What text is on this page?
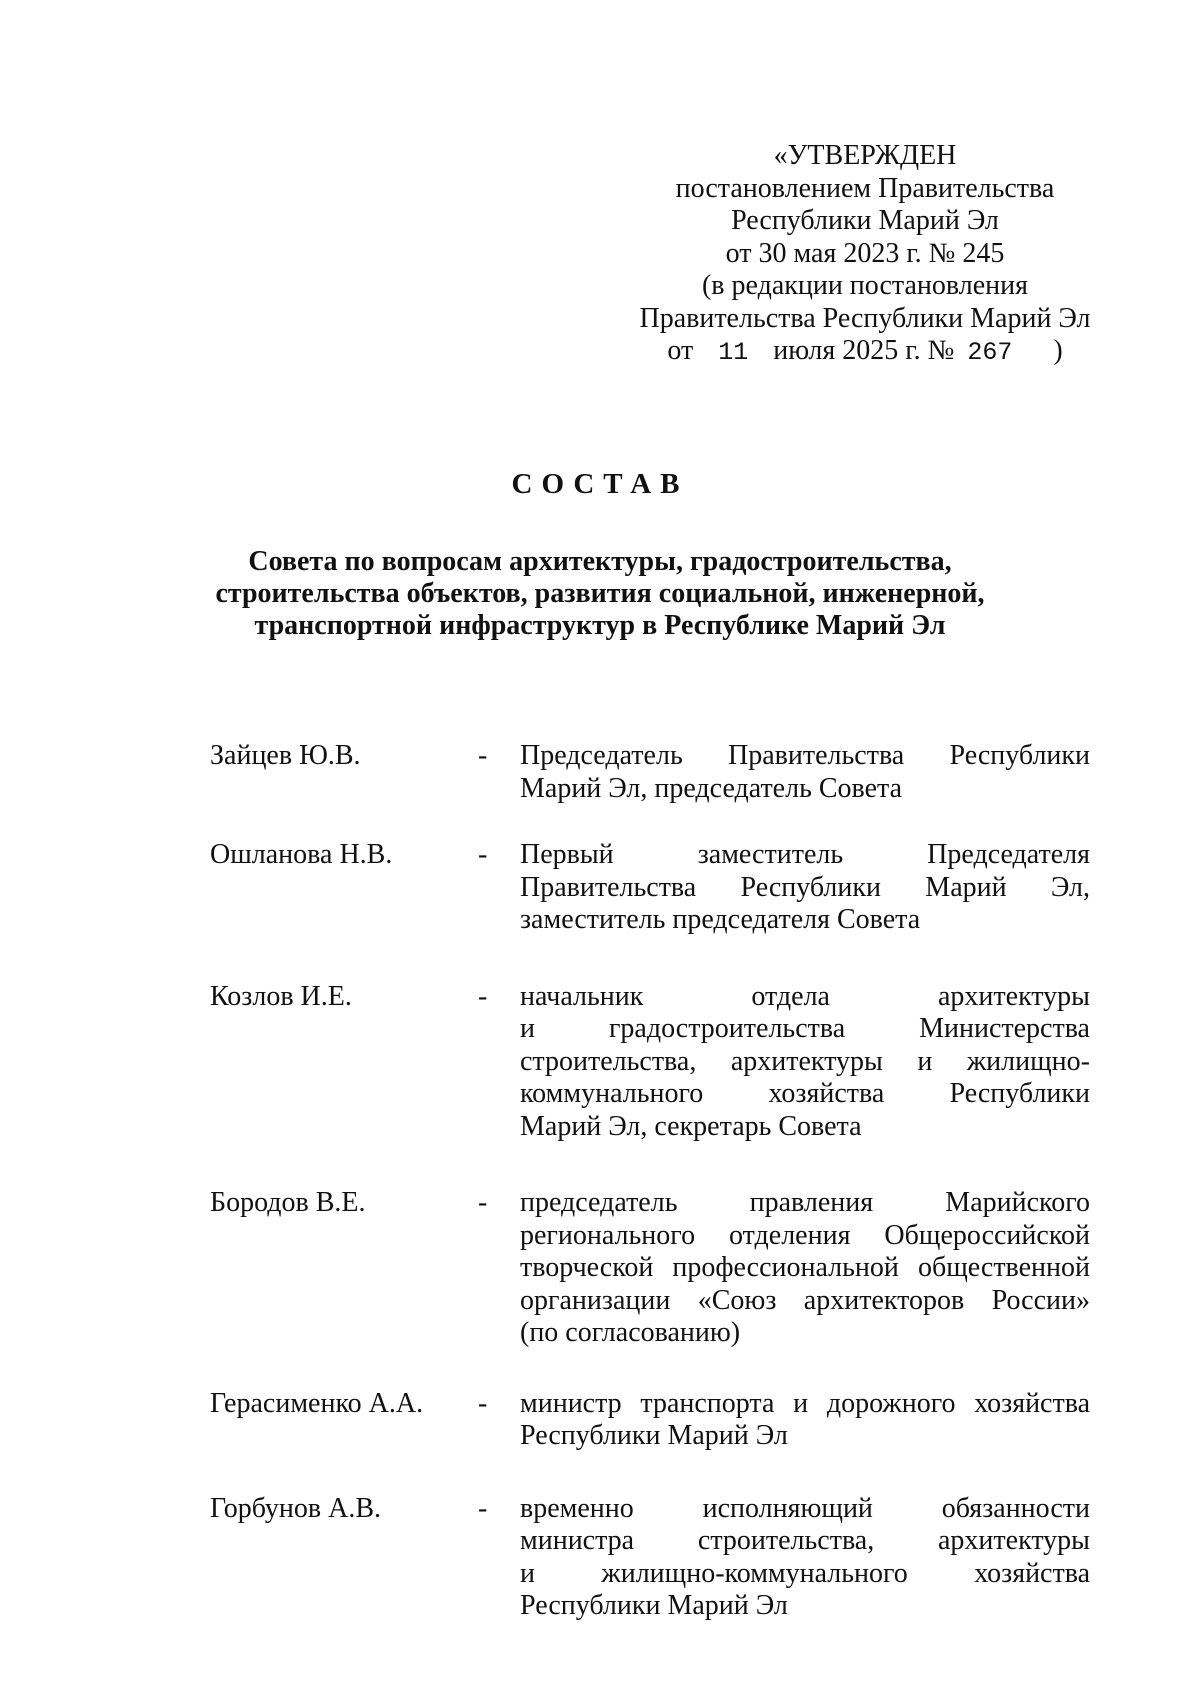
«УТВЕРЖДЕН
постановлением Правительства
Республики Марий Эл
от 30 мая 2023 г. № 245
(в редакции постановления
Правительства Республики Марий Эл
от 11 июля 2025 г. № 267 )
СОСТАВ
Совета по вопросам архитектуры, градостроительства,
строительства объектов, развития социальной, инженерной,
транспортной инфраструктур в Республике Марий Эл
Зайцев Ю.В.	-	Председатель Правительства Республики
Марий Эл, председатель Совета
Ошланова Н.В.	-	Первый заместитель Председателя
Правительства Республики Марий Эл,
заместитель председателя Совета
Козлов И.Е.	-	начальник отдела архитектуры
и градостроительства Министерства
строительства, архитектуры и жилищно-
коммунального хозяйства Республики
Марий Эл, секретарь Совета
Бородов В.Е.	-	председатель правления Марийского
регионального отделения Общероссийской
творческой профессиональной общественной
организации «Союз архитекторов России»
(по согласованию)
Герасименко А.А.	-	министр транспорта и дорожного хозяйства
Республики Марий Эл
Горбунов А.В.	-	временно исполняющий обязанности
министра строительства, архитектуры
и жилищно-коммунального хозяйства
Республики Марий Эл
